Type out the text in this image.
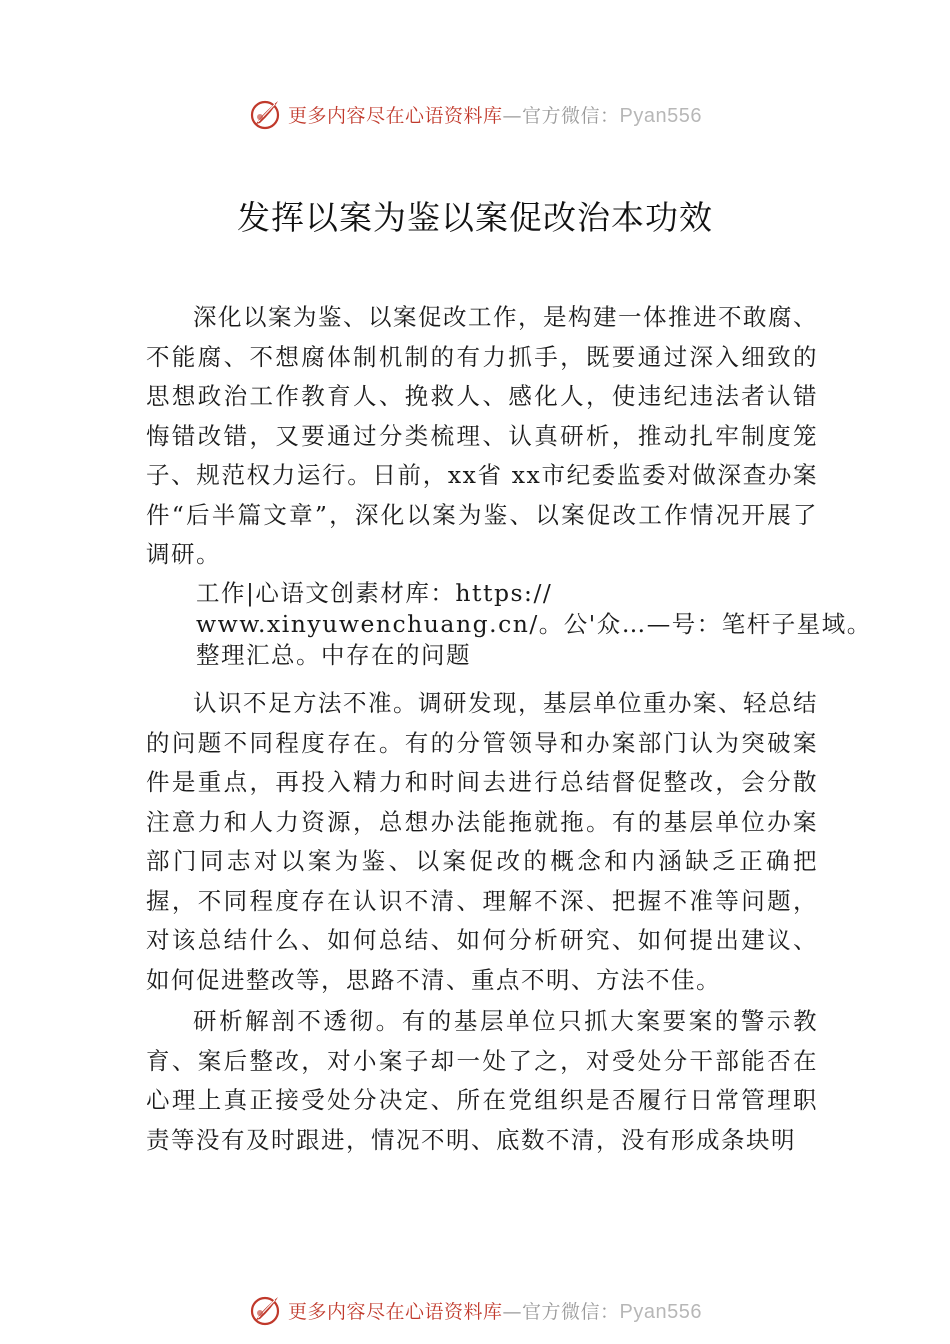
更多内容尽在心语资料库—官方微信：Pyan556
发挥以案为鉴以案促改治本功效
深化以案为鉴、以案促改工作，是构建一体推进不敢腐、不能腐、不想腐体制机制的有力抓手，既要通过深入细致的思想政治工作教育人、挽救人、感化人，使违纪违法者认错悔错改错，又要通过分类梳理、认真研析，推动扎牢制度笼子、规范权力运行。日前，xx省 xx市纪委监委对做深查办案件“后半篇文章”，深化以案为鉴、以案促改工作情况开展了调研。
工作|心语文创素材库：https://
www.xinyuwenchuang.cn/。公'众…—号：笔杆子星域。
整理汇总。中存在的问题
认识不足方法不准。调研发现，基层单位重办案、轻总结的问题不同程度存在。有的分管领导和办案部门认为突破案件是重点，再投入精力和时间去进行总结督促整改，会分散注意力和人力资源，总想办法能拖就拖。有的基层单位办案部门同志对以案为鉴、以案促改的概念和内涵缺乏正确把握，不同程度存在认识不清、理解不深、把握不准等问题， 对该总结什么、如何总结、如何分析研究、如何提出建议、如何促进整改等，思路不清、重点不明、方法不佳。
研析解剖不透彻。有的基层单位只抓大案要案的警示教育、案后整改，对小案子却一处了之，对受处分干部能否在心理上真正接受处分决定、所在党组织是否履行日常管理职责等没有及时跟进，情况不明、底数不清，没有形成条块明
更多内容尽在心语资料库—官方微信：Pyan556
